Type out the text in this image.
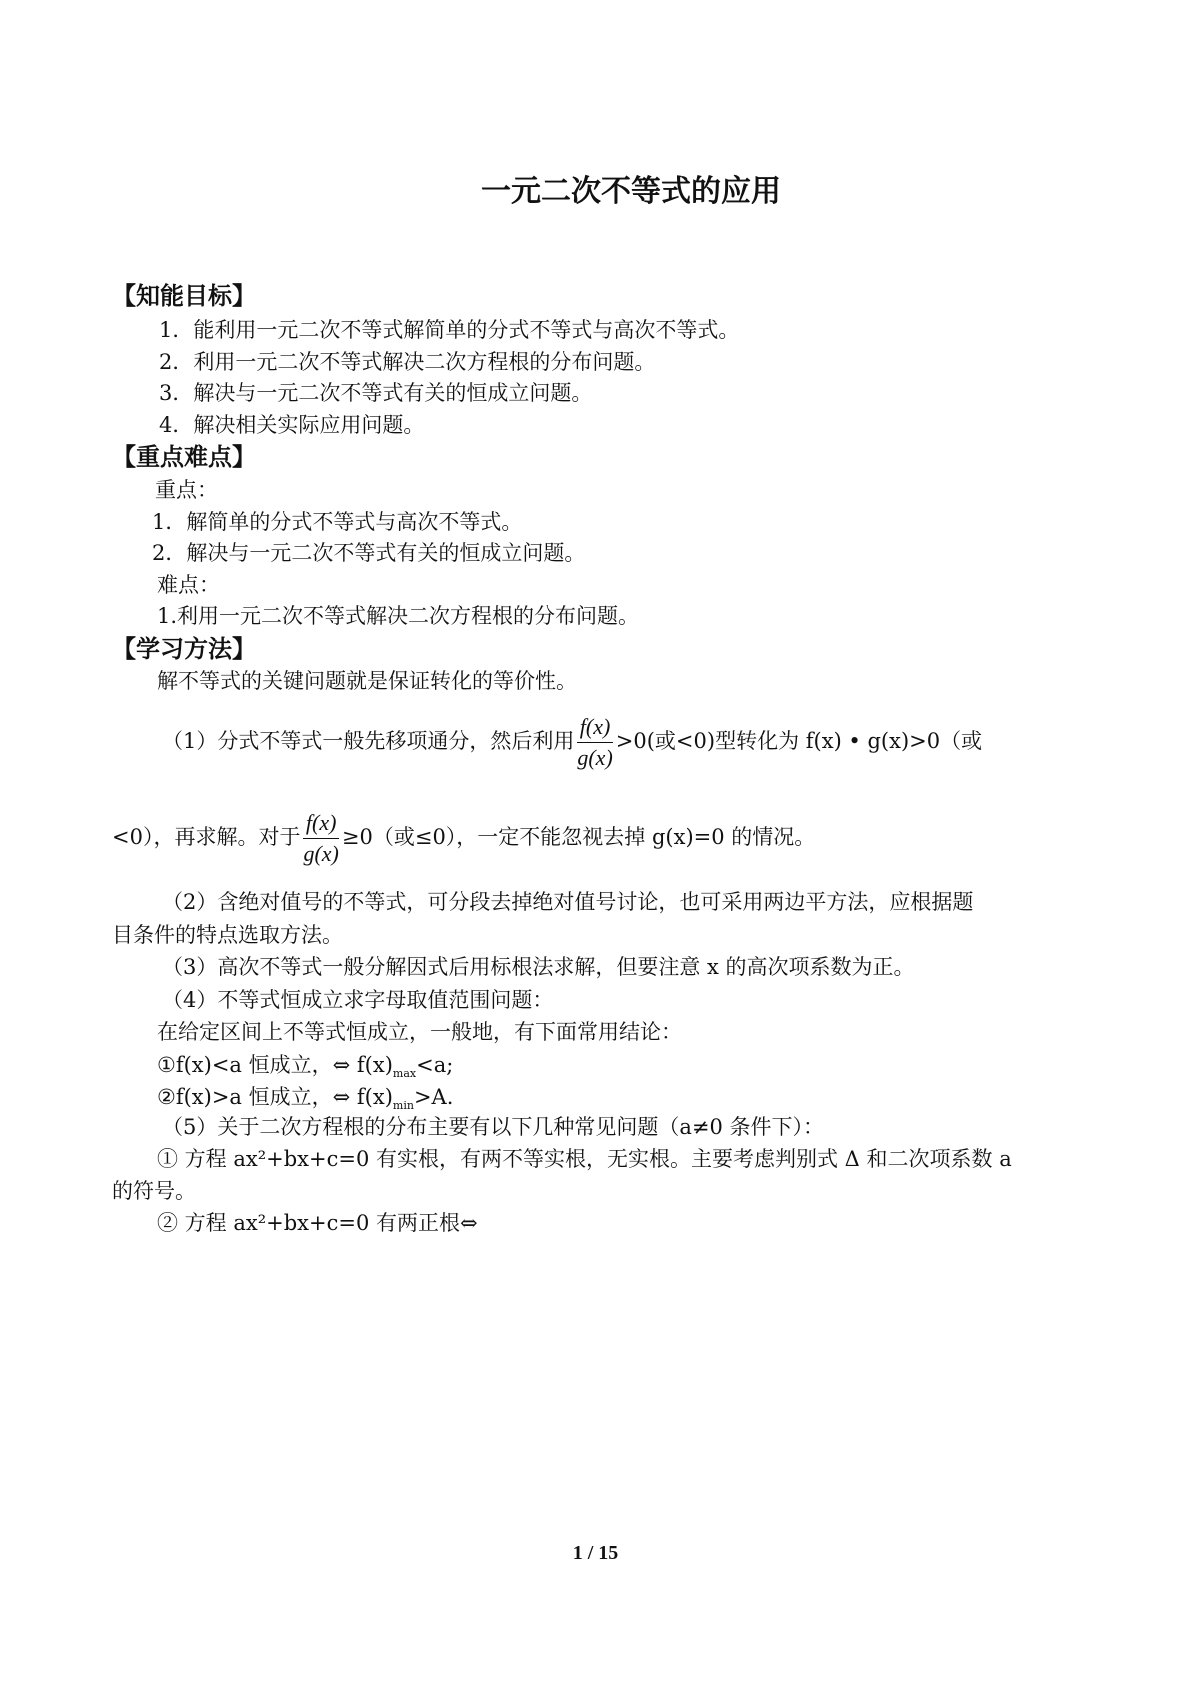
一元二次不等式的应用
【知能目标】
1．能利用一元二次不等式解简单的分式不等式与高次不等式。
2．利用一元二次不等式解决二次方程根的分布问题。
3．解决与一元二次不等式有关的恒成立问题。
4．解决相关实际应用问题。
【重点难点】
重点：
1．解简单的分式不等式与高次不等式。
2．解决与一元二次不等式有关的恒成立问题。
难点：
1.利用一元二次不等式解决二次方程根的分布问题。
【学习方法】
解不等式的关键问题就是保证转化的等价性。
（1）分式不等式一般先移项通分，然后利用 $\frac{f(x)}{g(x)} >0$(或<0)型转化为 f(x) • g(x)>0（或
<0），再求解。对于 $\frac{f(x)}{g(x)} \ge 0$（或≤0），一定不能忽视去掉 g(x)=0 的情况。
（2）含绝对值号的不等式，可分段去掉绝对值号讨论，也可采用两边平方法，应根据题
目条件的特点选取方法。
（3）高次不等式一般分解因式后用标根法求解，但要注意 x 的高次项系数为正。
（4）不等式恒成立求字母取值范围问题：
在给定区间上不等式恒成立，一般地，有下面常用结论：
①f(x)<a 恒成立，⇔ $f(x)_{max}<a$;
②f(x)>a 恒成立，⇔ $f(x)_{min}>A$.
（5）关于二次方程根的分布主要有以下几种常见问题（a≠0 条件下）：
① 方程 ax²+bx+c=0 有实根，有两不等实根，无实根。主要考虑判别式 Δ 和二次项系数 a
的符号。
② 方程 ax²+bx+c=0 有两正根⇔
1 / 15
